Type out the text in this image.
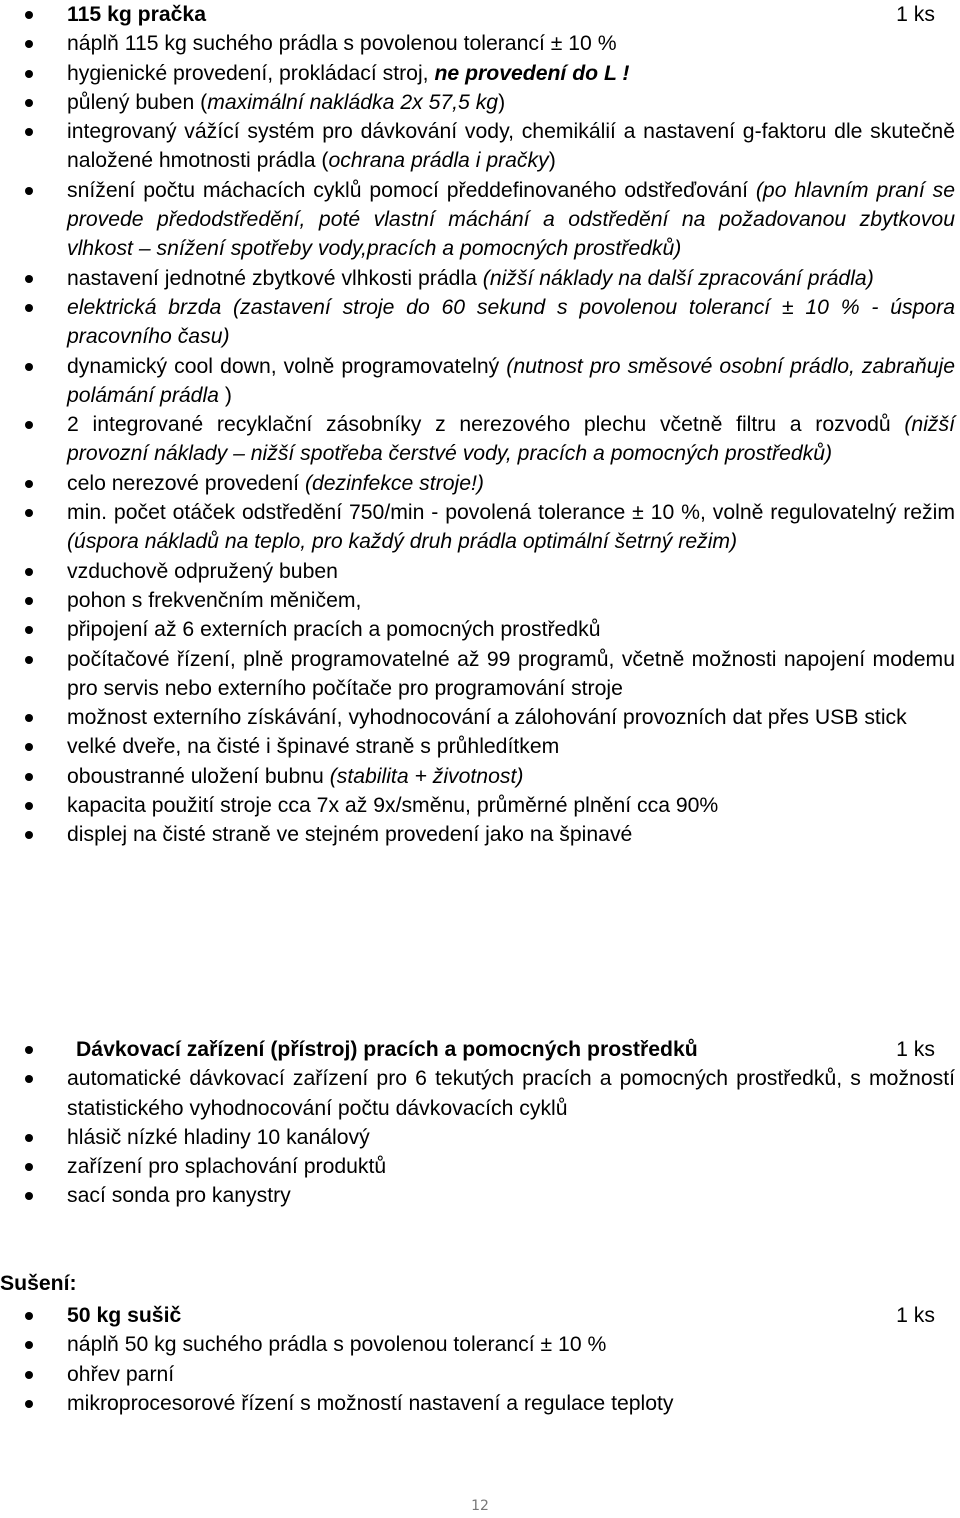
115 kg pračka	1 ks
náplň 115 kg suchého prádla s povolenou tolerancí ± 10 %
hygienické provedení, prokládací stroj, ne provedení do L !
půlený buben (maximální nakládka 2x 57,5 kg)
integrovaný vážící systém pro dávkování vody, chemikálií a nastavení g-faktoru dle skutečně naložené hmotnosti prádla (ochrana prádla i pračky)
snížení počtu máchacích cyklů pomocí předdefinovaného odstřeďování (po hlavním praní se provede předodstředění, poté vlastní máchání a odstředění na požadovanou zbytkovou vlhkost – snížení spotřeby vody,pracích a pomocných prostředků)
nastavení jednotné zbytkové vlhkosti prádla (nižší náklady na další zpracování prádla)
elektrická brzda (zastavení stroje do 60 sekund s povolenou tolerancí ± 10 % - úspora pracovního času)
dynamický cool down, volně programovatelný (nutnost pro směsové osobní prádlo, zabraňuje polámání prádla )
2 integrované recyklační zásobníky z nerezového plechu včetně filtru a rozvodů (nižší provozní náklady – nižší spotřeba čerstvé vody, pracích a pomocných prostředků)
celo nerezové provedení (dezinfekce stroje!)
min. počet otáček odstředění 750/min - povolená tolerance ± 10 %, volně regulovatelný režim (úspora nákladů na teplo, pro každý druh prádla optimální šetrný režim)
vzduchově odpružený buben
pohon s frekvenčním měničem,
připojení až 6 externích pracích a pomocných prostředků
počítačové řízení, plně programovatelné až 99 programů, včetně možnosti napojení modemu pro servis nebo externího počítače pro programování stroje
možnost externího získávání, vyhodnocování a zálohování provozních dat přes USB stick
velké dveře, na čisté i špinavé straně s průhledítkem
oboustranné uložení bubnu (stabilita + životnost)
kapacita použití stroje cca 7x až 9x/směnu, průměrné plnění cca 90%
displej na čisté straně ve stejném provedení jako na špinavé
Dávkovací zařízení (přístroj) pracích a pomocných prostředků	1 ks
automatické dávkovací zařízení pro 6 tekutých pracích a pomocných prostředků, s možností statistického vyhodnocování počtu dávkovacích cyklů
hlásič nízké hladiny 10 kanálový
zařízení pro splachování produktů
sací sonda pro kanystry
Sušení:
50 kg sušič	1 ks
náplň 50 kg suchého prádla s povolenou tolerancí ± 10 %
ohřev parní
mikroprocesorové řízení s možností nastavení a regulace teploty
12
